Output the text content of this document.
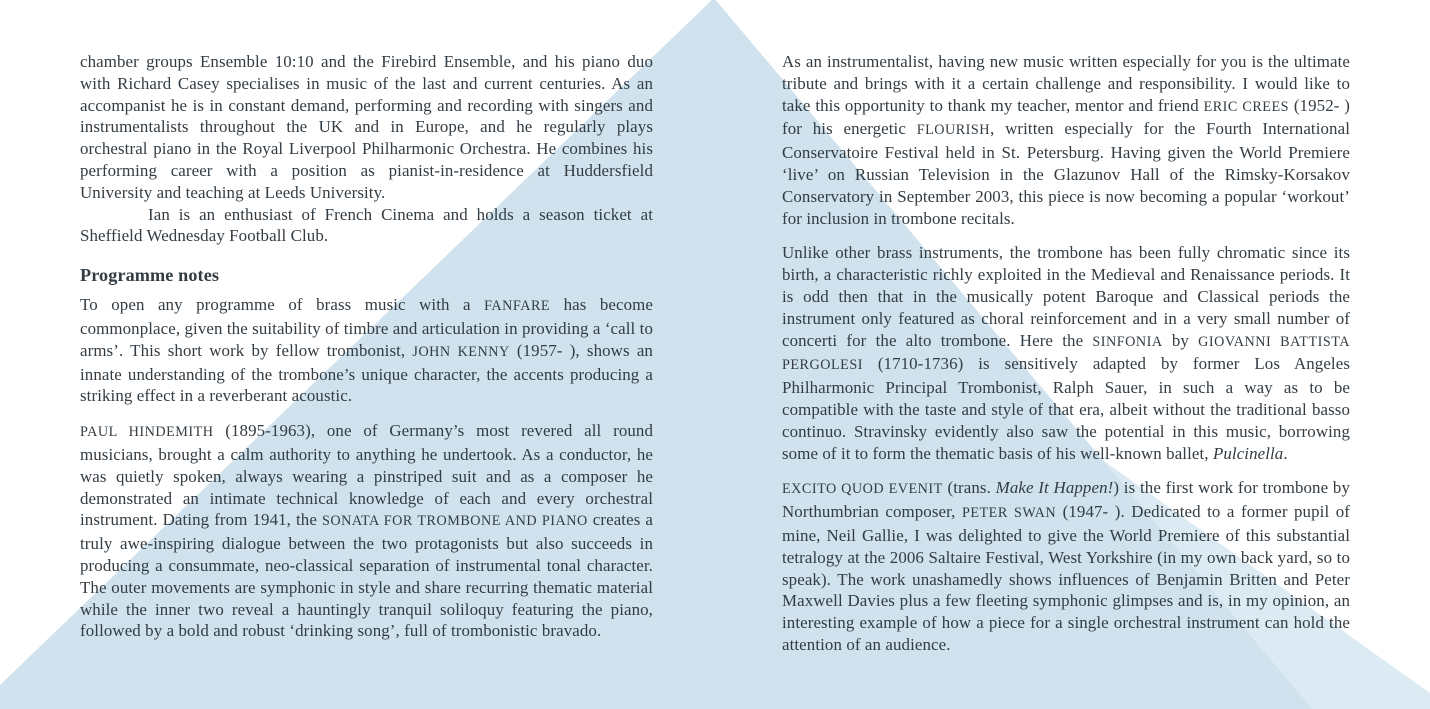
chamber groups Ensemble 10:10 and the Firebird Ensemble, and his piano duo with Richard Casey specialises in music of the last and current centuries. As an accompanist he is in constant demand, performing and recording with singers and instrumentalists throughout the UK and in Europe, and he regularly plays orchestral piano in the Royal Liverpool Philharmonic Orchestra. He combines his performing career with a position as pianist-in-residence at Huddersfield University and teaching at Leeds University.

Ian is an enthusiast of French Cinema and holds a season ticket at Sheffield Wednesday Football Club.

Programme notes

To open any programme of brass music with a FANFARE has become commonplace, given the suitability of timbre and articulation in providing a ‘call to arms’. This short work by fellow trombonist, JOHN KENNY (1957- ), shows an innate understanding of the trombone’s unique character, the accents producing a striking effect in a reverberant acoustic.

PAUL HINDEMITH (1895-1963), one of Germany’s most revered all round musicians, brought a calm authority to anything he undertook. As a conductor, he was quietly spoken, always wearing a pinstriped suit and as a composer he demonstrated an intimate technical knowledge of each and every orchestral instrument. Dating from 1941, the SONATA FOR TROMBONE AND PIANO creates a truly awe-inspiring dialogue between the two protagonists but also succeeds in producing a consummate, neo-classical separation of instrumental tonal character. The outer movements are symphonic in style and share recurring thematic material while the inner two reveal a hauntingly tranquil soliloquy featuring the piano, followed by a bold and robust ‘drinking song’, full of trombonistic bravado.

As an instrumentalist, having new music written especially for you is the ultimate tribute and brings with it a certain challenge and responsibility. I would like to take this opportunity to thank my teacher, mentor and friend ERIC CREES (1952- ) for his energetic FLOURISH, written especially for the Fourth International Conservatoire Festival held in St. Petersburg. Having given the World Premiere ‘live’ on Russian Television in the Glazunov Hall of the Rimsky-Korsakov Conservatory in September 2003, this piece is now becoming a popular ‘workout’ for inclusion in trombone recitals.

Unlike other brass instruments, the trombone has been fully chromatic since its birth, a characteristic richly exploited in the Medieval and Renaissance periods. It is odd then that in the musically potent Baroque and Classical periods the instrument only featured as choral reinforcement and in a very small number of concerti for the alto trombone. Here the SINFONIA by GIOVANNI BATTISTA PERGOLESI (1710-1736) is sensitively adapted by former Los Angeles Philharmonic Principal Trombonist, Ralph Sauer, in such a way as to be compatible with the taste and style of that era, albeit without the traditional basso continuo. Stravinsky evidently also saw the potential in this music, borrowing some of it to form the thematic basis of his well-known ballet, Pulcinella.

EXCITO QUOD EVENIT (trans. Make It Happen!) is the first work for trombone by Northumbrian composer, PETER SWAN (1947- ). Dedicated to a former pupil of mine, Neil Gallie, I was delighted to give the World Premiere of this substantial tetralogy at the 2006 Saltaire Festival, West Yorkshire (in my own back yard, so to speak). The work unashamedly shows influences of Benjamin Britten and Peter Maxwell Davies plus a few fleeting symphonic glimpses and is, in my opinion, an interesting example of how a piece for a single orchestral instrument can hold the attention of an audience.
